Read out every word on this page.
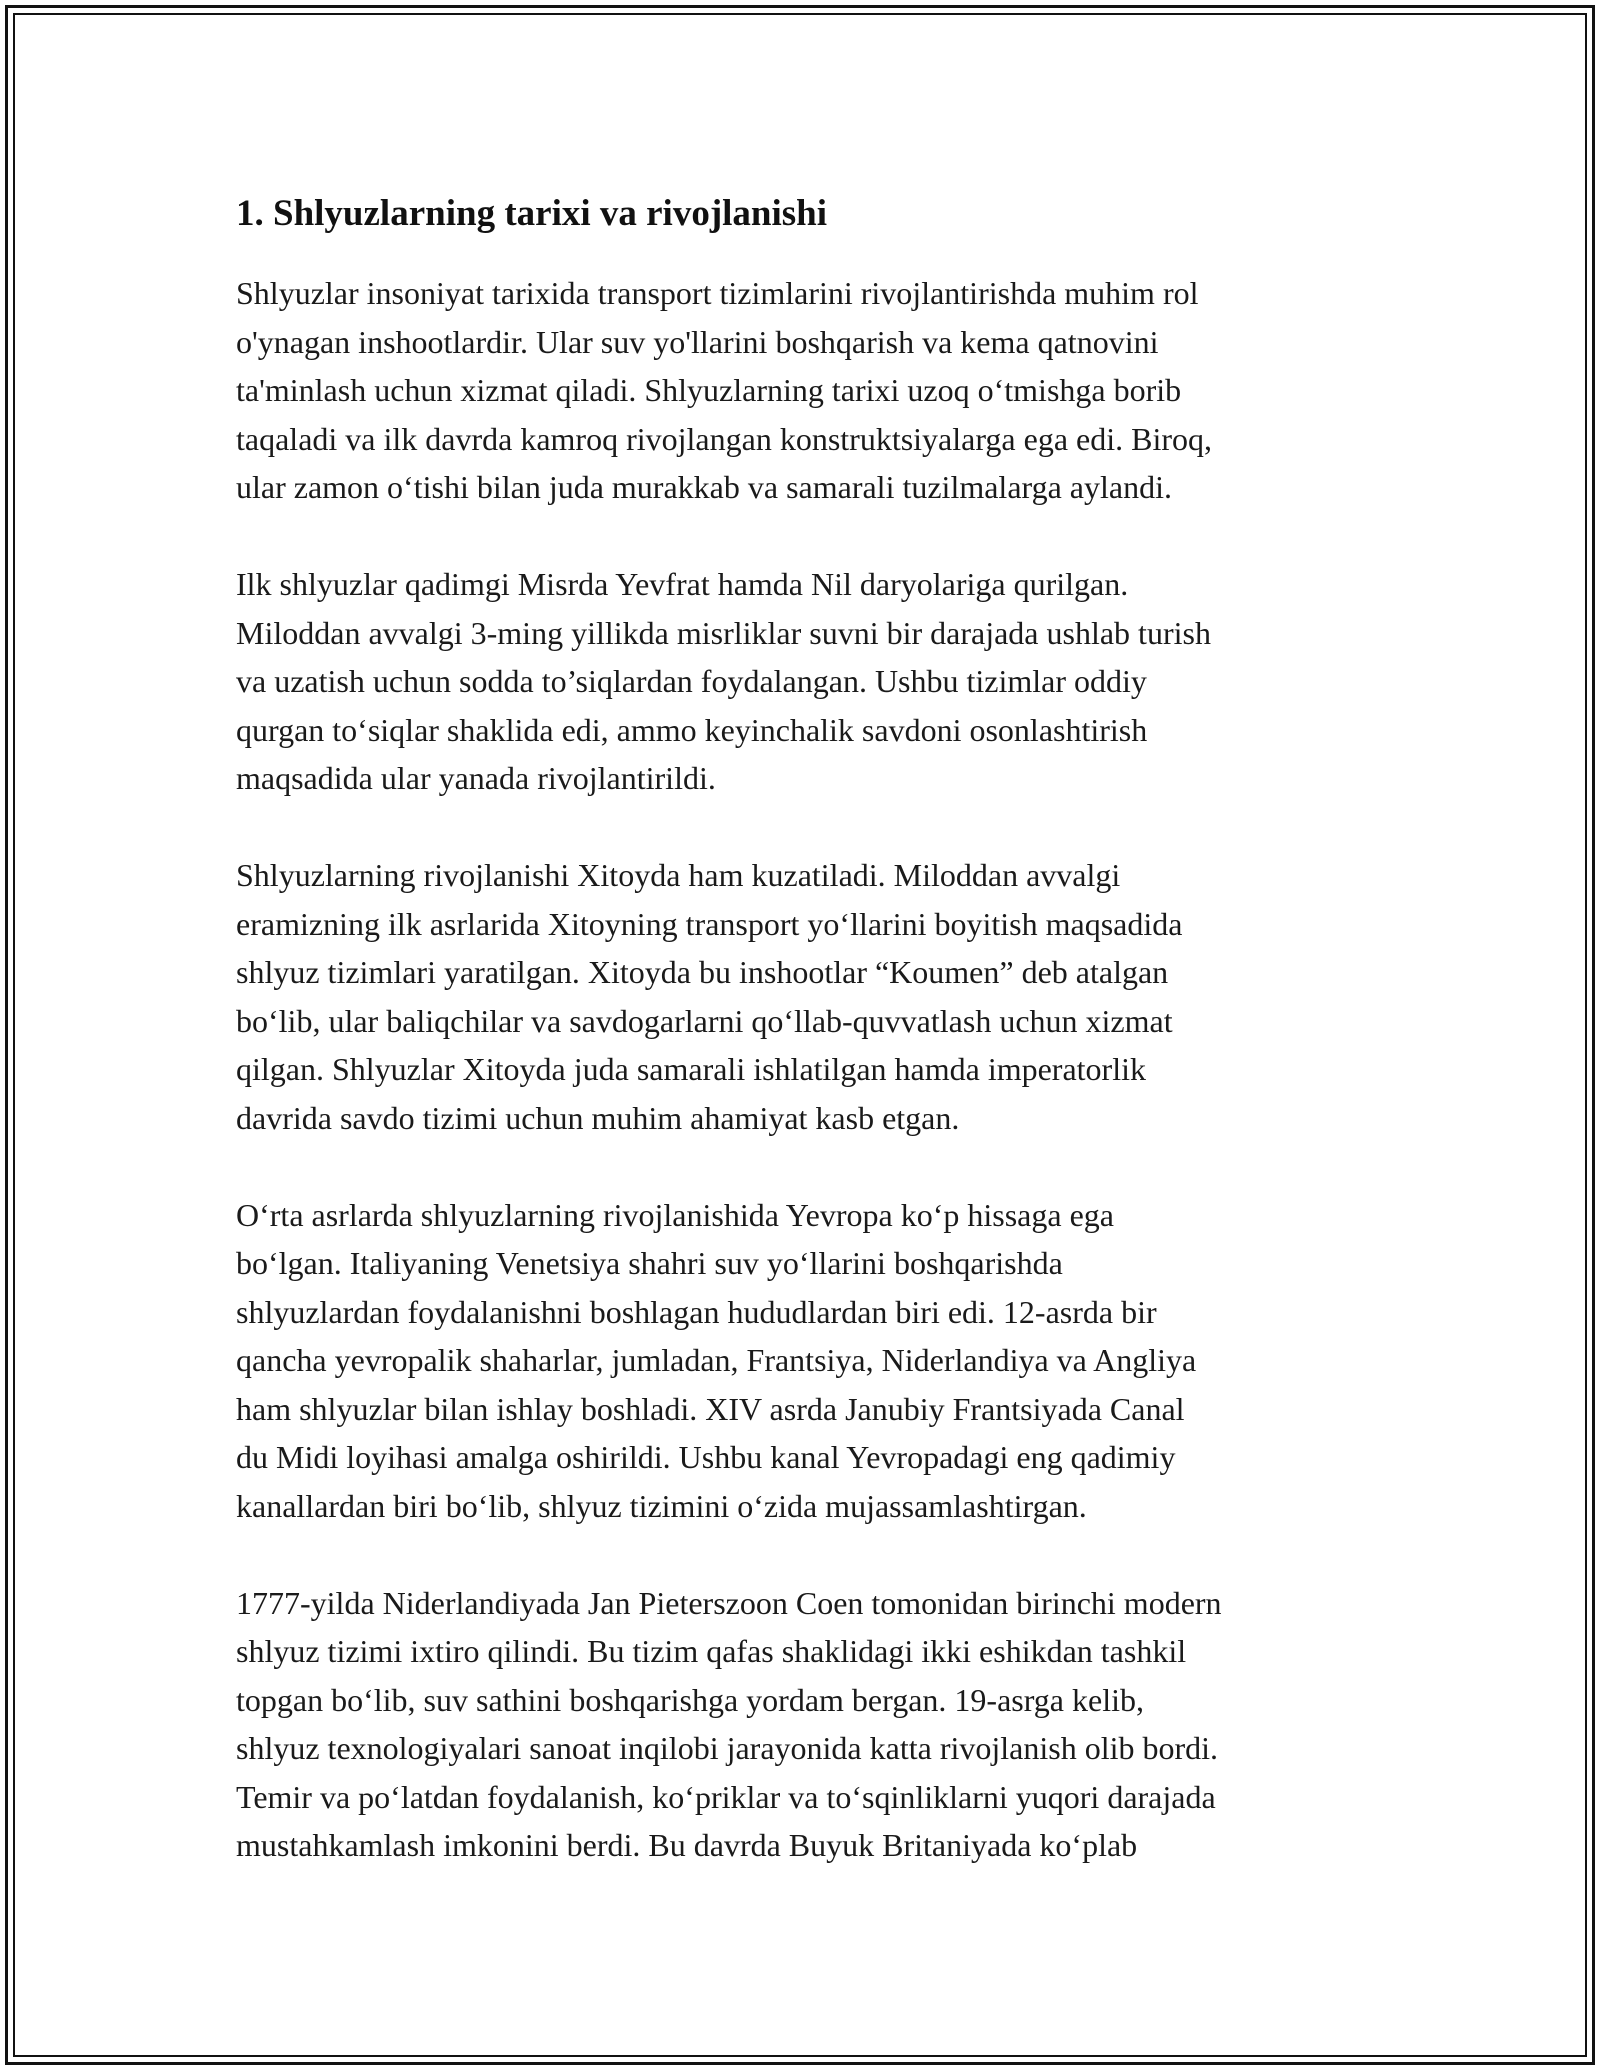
1. Shlyuzlarning tarixi va rivojlanishi

Shlyuzlar insoniyat tarixida transport tizimlarini rivojlantirishda muhim rol
o'ynagan inshootlardir. Ular suv yo'llarini boshqarish va kema qatnovini
ta'minlash uchun xizmat qiladi. Shlyuzlarning tarixi uzoq o‘tmishga borib
taqaladi va ilk davrda kamroq rivojlangan konstruktsiyalarga ega edi. Biroq,
ular zamon o‘tishi bilan juda murakkab va samarali tuzilmalarga aylandi.

Ilk shlyuzlar qadimgi Misrda Yevfrat hamda Nil daryolariga qurilgan.
Miloddan avvalgi 3-ming yillikda misrliklar suvni bir darajada ushlab turish
va uzatish uchun sodda to’siqlardan foydalangan. Ushbu tizimlar oddiy
qurgan to‘siqlar shaklida edi, ammo keyinchalik savdoni osonlashtirish
maqsadida ular yanada rivojlantirildi.

Shlyuzlarning rivojlanishi Xitoyda ham kuzatiladi. Miloddan avvalgi
eramizning ilk asrlarida Xitoyning transport yo‘llarini boyitish maqsadida
shlyuz tizimlari yaratilgan. Xitoyda bu inshootlar “Koumen” deb atalgan
bo‘lib, ular baliqchilar va savdogarlarni qo‘llab-quvvatlash uchun xizmat
qilgan. Shlyuzlar Xitoyda juda samarali ishlatilgan hamda imperatorlik
davrida savdo tizimi uchun muhim ahamiyat kasb etgan.

O‘rta asrlarda shlyuzlarning rivojlanishida Yevropa ko‘p hissaga ega
bo‘lgan. Italiyaning Venetsiya shahri suv yo‘llarini boshqarishda
shlyuzlardan foydalanishni boshlagan hududlardan biri edi. 12-asrda bir
qancha yevropalik shaharlar, jumladan, Frantsiya, Niderlandiya va Angliya
ham shlyuzlar bilan ishlay boshladi. XIV asrda Janubiy Frantsiyada Canal
du Midi loyihasi amalga oshirildi. Ushbu kanal Yevropadagi eng qadimiy
kanallardan biri bo‘lib, shlyuz tizimini o‘zida mujassamlashtirgan.

1777-yilda Niderlandiyada Jan Pieterszoon Coen tomonidan birinchi modern
shlyuz tizimi ixtiro qilindi. Bu tizim qafas shaklidagi ikki eshikdan tashkil
topgan bo‘lib, suv sathini boshqarishga yordam bergan. 19-asrga kelib,
shlyuz texnologiyalari sanoat inqilobi jarayonida katta rivojlanish olib bordi.
Temir va po‘latdan foydalanish, ko‘priklar va to‘sqinliklarni yuqori darajada
mustahkamlash imkonini berdi. Bu davrda Buyuk Britaniyada ko‘plab
